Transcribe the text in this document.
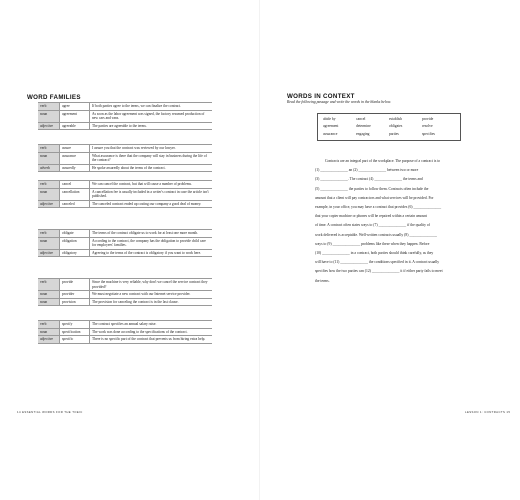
WORD FAMILIES
verb	agree	If both parties agree to the terms, we can finalize the contract.
noun	agreement	As soon as the labor agreement was signed, the factory resumed production of new cars and vans.
adjective	agreeable	The parties are agreeable to the terms.
verb	assure	I assure you that the contract was reviewed by our lawyer.
noun	assurance	What assurance is there that the company will stay in business during the life of the contract?
adverb	assuredly	He spoke assuredly about the terms of the contract.
verb	cancel	We can cancel the contract, but that will cause a number of problems.
noun	cancellation	A cancellation fee is usually included in a writer's contract in case the article isn't published.
adjective	canceled	The canceled contract ended up costing our company a good deal of money.
verb	obligate	The terms of the contract obligate us to work for at least one more month.
noun	obligation	According to the contract, the company has the obligation to provide child care for employees' families.
adjective	obligatory	Agreeing to the terms of the contract is obligatory if you want to work here.
verb	provide	Since the machine is very reliable, why don't we cancel the service contract they provided?
noun	provider	We must negotiate a new contract with our Internet service provider.
noun	provision	The provision for canceling the contract is in the last clause.
verb	specify	The contract specifies an annual salary raise.
noun	specification	The work was done according to the specifications of the contract.
adjective	specific	There is no specific part of the contract that prevents us from hiring extra help.
14 ESSENTIAL WORDS FOR THE TOEIC
WORDS IN CONTEXT
Read the following passage and write the words in the blanks below.
abide by	cancel	establish	provide
agreement	determine	obligates	resolve
assurance	engaging	parties	specifies
Contracts are an integral part of the workplace. The purpose of a contract is to
(1) _______________ an (2) _______________ between two or more
(3) _______________. The contract (4) _______________ the terms and
(5) _______________ the parties to follow them. Contracts often include the
amount that a client will pay contractors and what services will be provided. For
example, in your office, you may have a contract that provides (6) _______________
that your copier machine or phones will be repaired within a certain amount
of time. A contract often states ways to (7) _______________ if the quality of
work delivered is acceptable. Well-written contracts usually (8) _______________
ways to (9) _______________ problems like these when they happen. Before
(10) _______________ in a contract, both parties should think carefully, as they
will have to (11) _______________ the conditions specified in it. A contract usually
specifies how the two parties can (12) _______________ it if either party fails to meet
the terms.
LESSON 1: CONTRACTS 15
